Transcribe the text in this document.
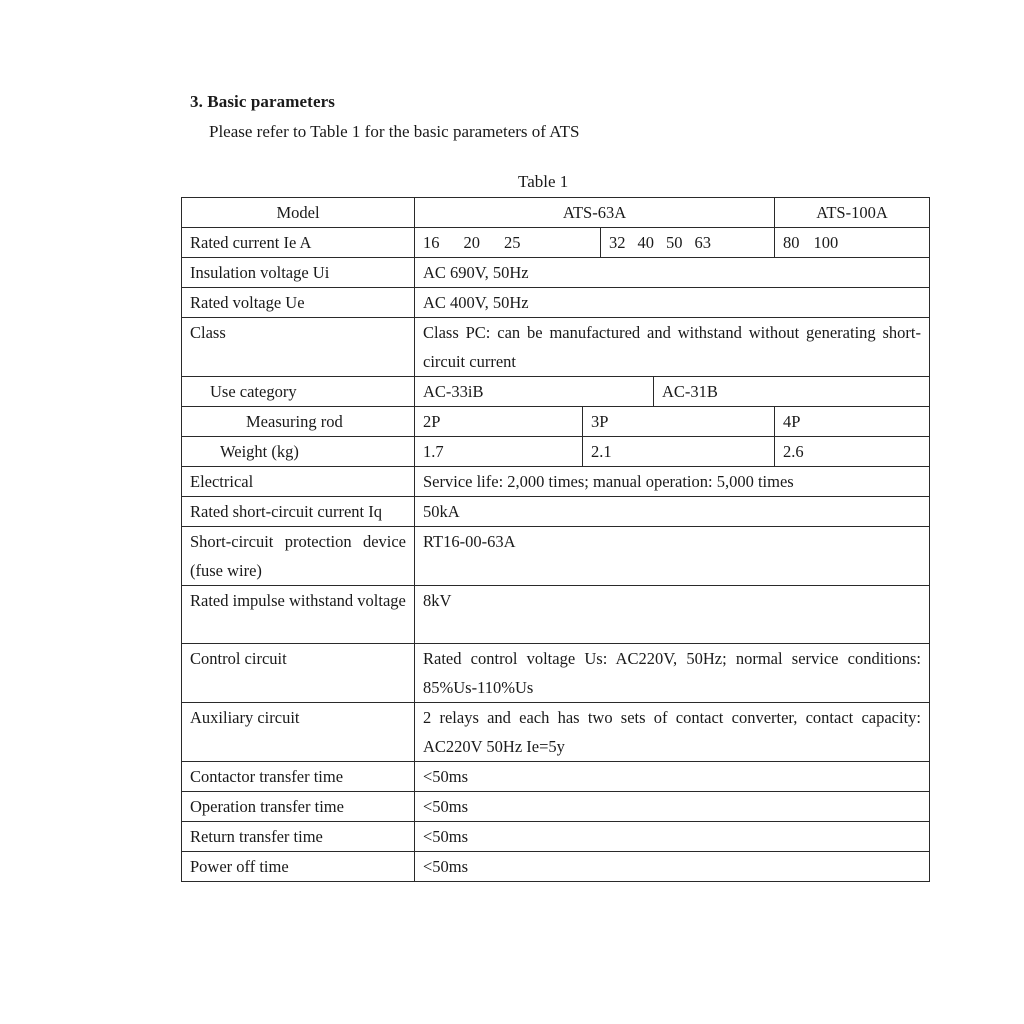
3. Basic parameters
Please refer to Table 1 for the basic parameters of ATS
Table 1
Model	ATS-63A				ATS-100A
Rated current Ie A	16 20 25		32 40 50 63		80 100
Insulation voltage Ui	AC 690V, 50Hz				
Rated voltage Ue	AC 400V, 50Hz				
Class	Class PC: can be manufactured and withstand without generating short-circuit current				
Use category	AC-33iB			AC-31B	
Measuring rod	2P	3P			4P
Weight (kg)	1.7	2.1			2.6
Electrical	Service life: 2,000 times; manual operation: 5,000 times				
Rated short-circuit current Iq	50kA				
Short-circuit protection device (fuse wire)	RT16-00-63A				
Rated impulse withstand voltage	8kV				
Control circuit	Rated control voltage Us: AC220V, 50Hz; normal service conditions: 85%Us-110%Us				
Auxiliary circuit	2 relays and each has two sets of contact converter, contact capacity: AC220V 50Hz Ie=5y				
Contactor transfer time	<50ms				
Operation transfer time	<50ms				
Return transfer time	<50ms				
Power off time	<50ms				
